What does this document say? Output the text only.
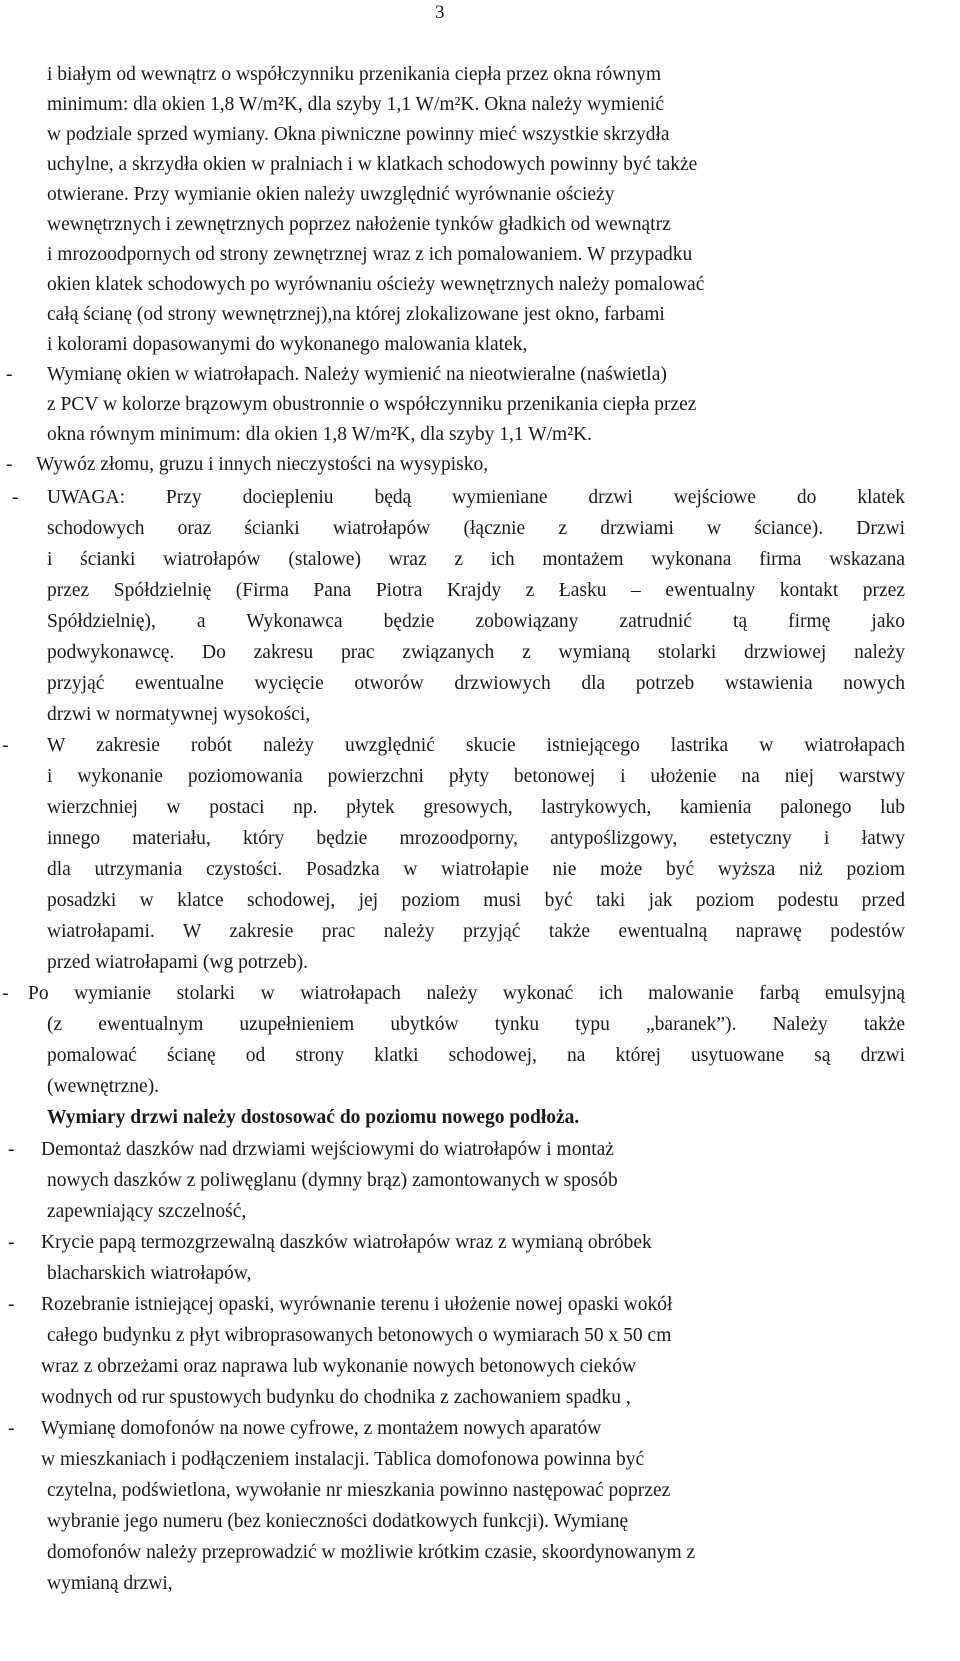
3
i białym od wewnątrz o współczynniku przenikania ciepła przez okna równym
minimum: dla okien 1,8 W/m²K, dla szyby 1,1 W/m²K. Okna należy wymienić
w podziale sprzed wymiany. Okna piwniczne powinny mieć wszystkie skrzydła
uchylne, a skrzydła okien w pralniach i w klatkach schodowych powinny być także
otwierane. Przy wymianie okien należy uwzględnić wyrównanie ościeży
wewnętrznych i zewnętrznych poprzez nałożenie tynków gładkich od wewnątrz
i mrozoodpornych od strony zewnętrznej wraz z ich pomalowaniem. W przypadku
okien klatek schodowych po wyrównaniu ościeży wewnętrznych należy pomalować
całą ścianę (od strony wewnętrznej),na której zlokalizowane jest okno, farbami
i kolorami dopasowanymi do wykonanego malowania klatek,
- Wymianę okien w wiatrołapach. Należy wymienić na nieotwieralne (naświetla)
z PCV w kolorze brązowym obustronnie o współczynniku przenikania ciepła przez
okna równym minimum: dla okien 1,8 W/m²K, dla szyby 1,1 W/m²K.
- Wywóz złomu, gruzu i innych nieczystości na wysypisko,
- UWAGA: Przy dociepleniu będą wymieniane drzwi wejściowe do klatek
schodowych oraz ścianki wiatrołapów (łącznie z drzwiami w ściance). Drzwi
i ścianki wiatrołapów (stalowe) wraz z ich montażem wykonana firma wskazana
przez Spółdzielnię (Firma Pana Piotra Krajdy z Łasku – ewentualny kontakt przez
Spółdzielnię), a Wykonawca będzie zobowiązany zatrudnić tą firmę jako
podwykonawcę. Do zakresu prac związanych z wymianą stolarki drzwiowej należy
przyjąć ewentualne wycięcie otworów drzwiowych dla potrzeb wstawienia nowych
drzwi w normatywnej wysokości,
- W zakresie robót należy uwzględnić skucie istniejącego lastrika w wiatrołapach
i wykonanie poziomowania powierzchni płyty betonowej i ułożenie na niej warstwy
wierzchniej w postaci np. płytek gresowych, lastrykowych, kamienia palonego lub
innego materiału, który będzie mrozoodporny, antypoślizgowy, estetyczny i łatwy
dla utrzymania czystości. Posadzka w wiatrołapie nie może być wyższa niż poziom
posadzki w klatce schodowej, jej poziom musi być taki jak poziom podestu przed
wiatrołapami. W zakresie prac należy przyjąć także ewentualną naprawę podestów
przed wiatrołapami (wg potrzeb).
- Po wymianie stolarki w wiatrołapach należy wykonać ich malowanie farbą emulsyjną
(z ewentualnym uzupełnieniem ubytków tynku typu „baranek”). Należy także
pomalować ścianę od strony klatki schodowej, na której usytuowane są drzwi
(wewnętrzne).
Wymiary drzwi należy dostosować do poziomu nowego podłoża.
- Demontaż daszków nad drzwiami wejściowymi do wiatrołapów i montaż
nowych daszków z poliwęglanu (dymny brąz) zamontowanych w sposób
zapewniający szczelność,
- Krycie papą termozgrzewalną daszków wiatrołapów wraz z wymianą obróbek
blacharskich wiatrołapów,
- Rozebranie istniejącej opaski, wyrównanie terenu i ułożenie nowej opaski wokół
całego budynku z płyt wibroprasowanych betonowych o wymiarach 50 x 50 cm
wraz z obrzeżami oraz naprawa lub wykonanie nowych betonowych cieków
wodnych od rur spustowych budynku do chodnika z zachowaniem spadku ,
- Wymianę domofonów na nowe cyfrowe, z montażem nowych aparatów
w mieszkaniach i podłączeniem instalacji. Tablica domofonowa powinna być
czytelna, podświetlona, wywołanie nr mieszkania powinno następować poprzez
wybranie jego numeru (bez konieczności dodatkowych funkcji). Wymianę
domofonów należy przeprowadzić w możliwie krótkim czasie, skoordynowanym z
wymianą drzwi,
